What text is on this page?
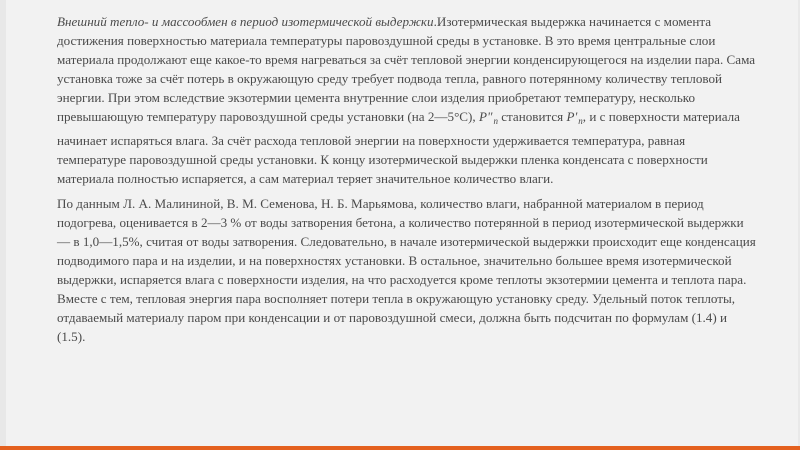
Внешний тепло- и массообмен в период изотермической выдержки.Изотермическая выдержка начинается с момента достижения поверхностью материала температуры паровоздушной среды в установке. В это время центральные слои материала продолжают еще какое-то время нагреваться за счёт тепловой энергии конденсирующегося на изделии пара. Сама установка тоже за счёт потерь в окружающую среду требует подвода тепла, равного потерянному количеству тепловой энергии. При этом вследствие экзотермии цемента внутренние слои изделия приобретают температуру, несколько превышающую температуру паровоздушной среды установки (на 2—5°С), $P"_п$ становится $P'_п$, и с поверхности материала начинает испаряться влага. За счёт расхода тепловой энергии на поверхности удерживается температура, равная температуре паровоздушной среды установки. К концу изотермической выдержки пленка конденсата с поверхности материала полностью испаряется, а сам материал теряет значительное количество влаги.

По данным Л. А. Малининой, В. М. Семенова, Н. Б. Марьямова, количество влаги, набранной материалом в период подогрева, оценивается в 2—3 % от воды затворения бетона, а количество потерянной в период изотермической выдержки — в 1,0—1,5%, считая от воды затворения. Следовательно, в начале изотермической выдержки происходит еще конденсация подводимого пара и на изделии, и на поверхностях установки. В остальное, значительно большее время изотермической выдержки, испаряется влага с поверхности изделия, на что расходуется кроме теплоты экзотермии цемента и теплота пара. Вместе с тем, тепловая энергия пара восполняет потери тепла в окружающую установку среду. Удельный поток теплоты, отдаваемый материалу паром при конденсации и от паровоздушной смеси, должна быть подсчитан по формулам (1.4) и (1.5).
